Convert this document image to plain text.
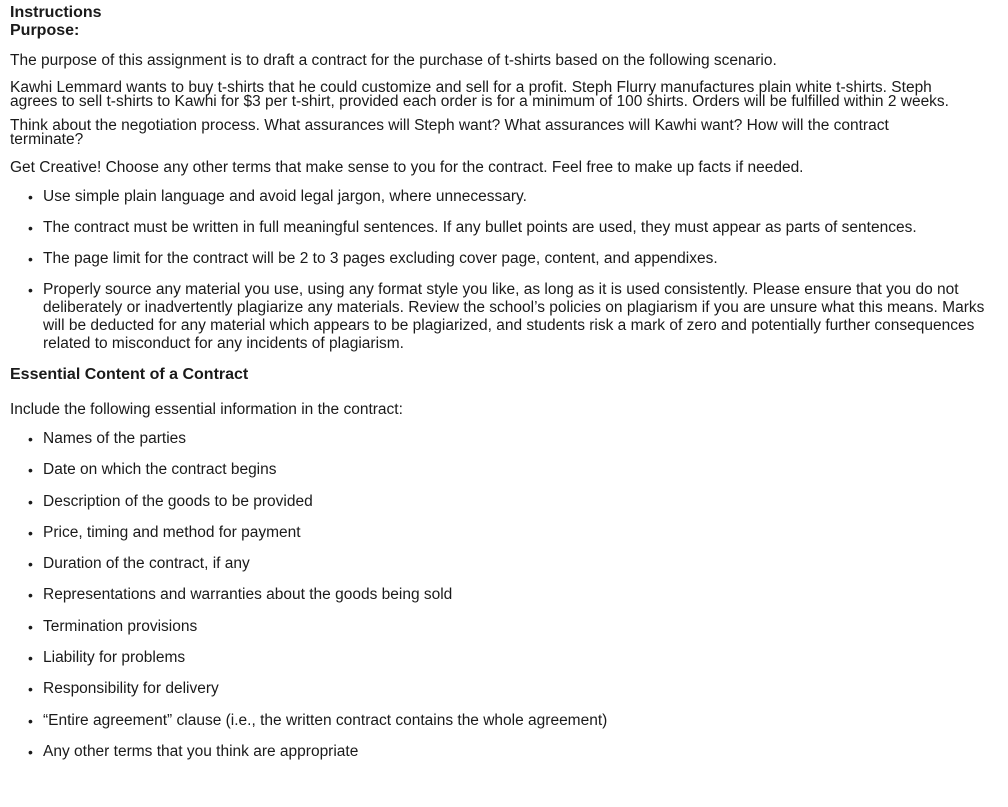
Instructions
Purpose:

The purpose of this assignment is to draft a contract for the purchase of t-shirts based on the following scenario.

Kawhi Lemmard wants to buy t-shirts that he could customize and sell for a profit. Steph Flurry manufactures plain white t-shirts. Steph

agrees to sell t-shirts to Kawhi for $3 per t-shirt, provided each order is for a minimum of 100 shirts. Orders will be fulfilled within 2 weeks.

Think about the negotiation process. What assurances will Steph want? What assurances will Kawhi want? How will the contract

terminate?

Get Creative! Choose any other terms that make sense to you for the contract. Feel free to make up facts if needed.

• Use simple plain language and avoid legal jargon, where unnecessary.
• The contract must be written in full meaningful sentences. If any bullet points are used, they must appear as parts of sentences.
• The page limit for the contract will be 2 to 3 pages excluding cover page, content, and appendixes.
• Properly source any material you use, using any format style you like, as long as it is used consistently. Please ensure that you do not deliberately or inadvertently plagiarize any materials. Review the school’s policies on plagiarism if you are unsure what this means. Marks will be deducted for any material which appears to be plagiarized, and students risk a mark of zero and potentially further consequences related to misconduct for any incidents of plagiarism.
Essential Content of a Contract

Include the following essential information in the contract:

• Names of the parties
• Date on which the contract begins
• Description of the goods to be provided
• Price, timing and method for payment
• Duration of the contract, if any
• Representations and warranties about the goods being sold
• Termination provisions
• Liability for problems
• Responsibility for delivery
• “Entire agreement” clause (i.e., the written contract contains the whole agreement)
• Any other terms that you think are appropriate
